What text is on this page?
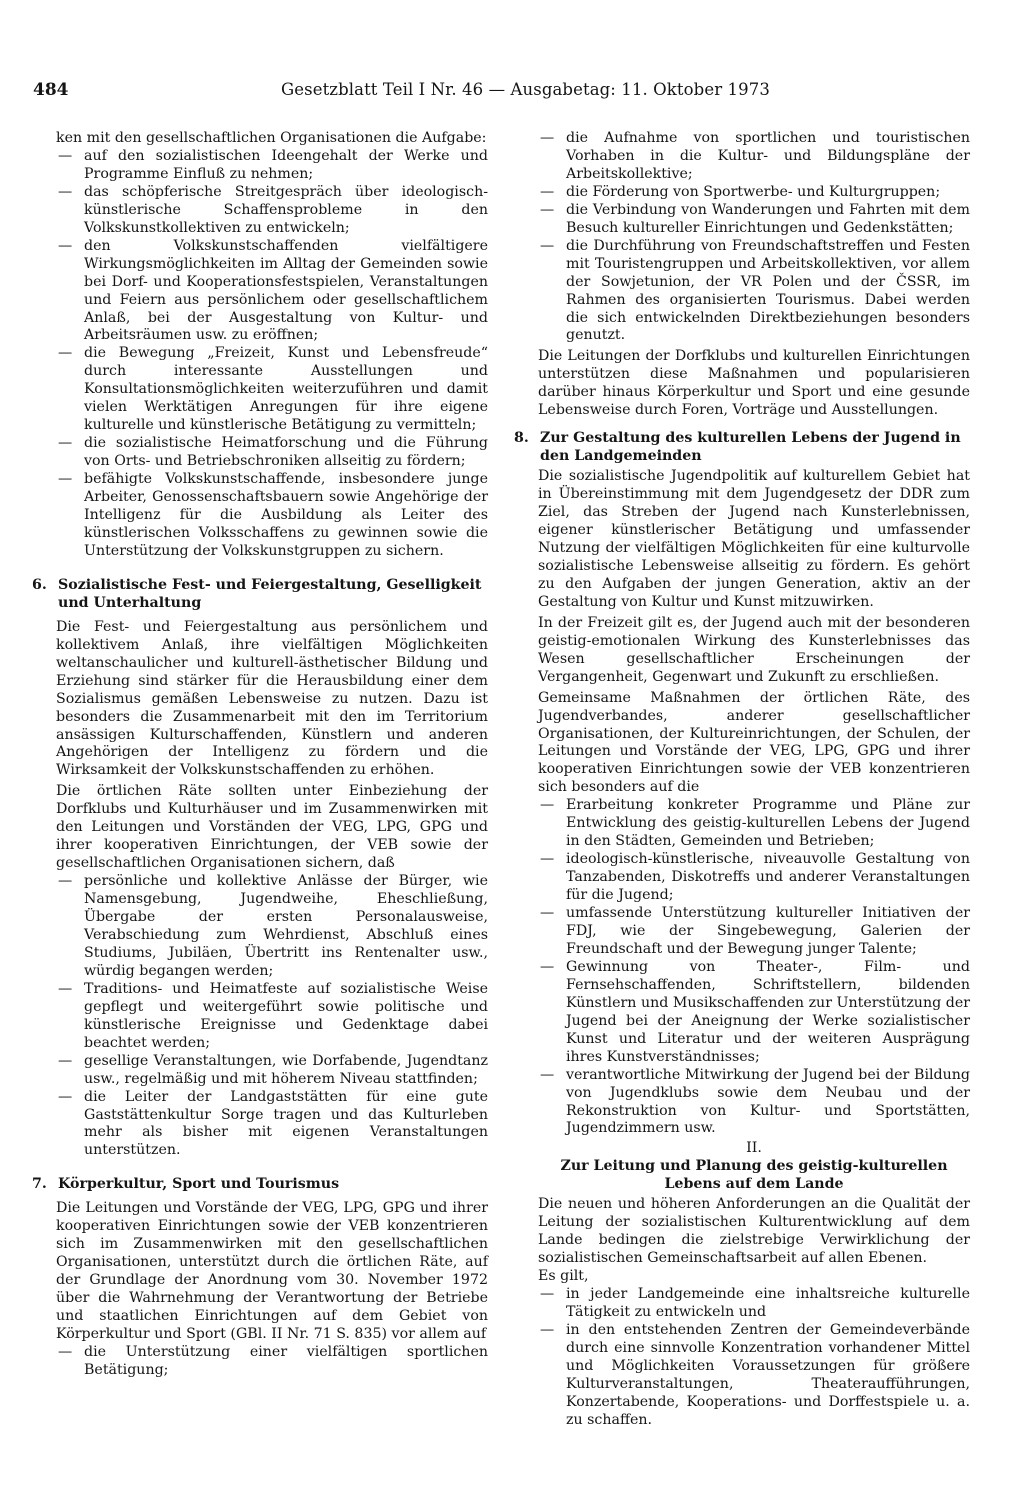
484	Gesetzblatt Teil I Nr. 46 — Ausgabetag: 11. Oktober 1973

ken mit den gesellschaftlichen Organisationen die Aufgabe:

— auf den sozialistischen Ideengehalt der Werke und Programme Einfluß zu nehmen;
— das schöpferische Streitgespräch über ideologisch-künstlerische Schaffensprobleme in den Volkskunstkollektiven zu entwickeln;
— den Volkskunstschaffenden vielfältigere Wirkungsmöglichkeiten im Alltag der Gemeinden sowie bei Dorf- und Kooperationsfestspielen, Veranstaltungen und Feiern aus persönlichem oder gesellschaftlichem Anlaß, bei der Ausgestaltung von Kultur- und Arbeitsräumen usw. zu eröffnen;
— die Bewegung „Freizeit, Kunst und Lebensfreude“ durch interessante Ausstellungen und Konsultationsmöglichkeiten weiterzuführen und damit vielen Werktätigen Anregungen für ihre eigene kulturelle und künstlerische Betätigung zu vermitteln;
— die sozialistische Heimatforschung und die Führung von Orts- und Betriebschroniken allseitig zu fördern;
— befähigte Volkskunstschaffende, insbesondere junge Arbeiter, Genossenschaftsbauern sowie Angehörige der Intelligenz für die Ausbildung als Leiter des künstlerischen Volksschaffens zu gewinnen sowie die Unterstützung der Volkskunstgruppen zu sichern.
6. Sozialistische Fest- und Feiergestaltung, Geselligkeit und Unterhaltung

Die Fest- und Feiergestaltung aus persönlichem und kollektivem Anlaß, ihre vielfältigen Möglichkeiten weltanschaulicher und kulturell-ästhetischer Bildung und Erziehung sind stärker für die Herausbildung einer dem Sozialismus gemäßen Lebensweise zu nutzen. Dazu ist besonders die Zusammenarbeit mit den im Territorium ansässigen Kulturschaffenden, Künstlern und anderen Angehörigen der Intelligenz zu fördern und die Wirksamkeit der Volkskunstschaffenden zu erhöhen.

Die örtlichen Räte sollten unter Einbeziehung der Dorfklubs und Kulturhäuser und im Zusammenwirken mit den Leitungen und Vorständen der VEG, LPG, GPG und ihrer kooperativen Einrichtungen, der VEB sowie der gesellschaftlichen Organisationen sichern, daß

— persönliche und kollektive Anlässe der Bürger, wie Namensgebung, Jugendweihe, Eheschließung, Übergabe der ersten Personalausweise, Verabschiedung zum Wehrdienst, Abschluß eines Studiums, Jubiläen, Übertritt ins Rentenalter usw., würdig begangen werden;
— Traditions- und Heimatfeste auf sozialistische Weise gepflegt und weitergeführt sowie politische und künstlerische Ereignisse und Gedenktage dabei beachtet werden;
— gesellige Veranstaltungen, wie Dorfabende, Jugendtanz usw., regelmäßig und mit höherem Niveau stattfinden;
— die Leiter der Landgaststätten für eine gute Gaststättenkultur Sorge tragen und das Kulturleben mehr als bisher mit eigenen Veranstaltungen unterstützen.
7. Körperkultur, Sport und Tourismus

Die Leitungen und Vorstände der VEG, LPG, GPG und ihrer kooperativen Einrichtungen sowie der VEB konzentrieren sich im Zusammenwirken mit den gesellschaftlichen Organisationen, unterstützt durch die örtlichen Räte, auf der Grundlage der Anordnung vom 30. November 1972 über die Wahrnehmung der Verantwortung der Betriebe und staatlichen Einrichtungen auf dem Gebiet von Körperkultur und Sport (GBl. II Nr. 71 S. 835) vor allem auf

— die Unterstützung einer vielfältigen sportlichen Betätigung;
— die Aufnahme von sportlichen und touristischen Vorhaben in die Kultur- und Bildungspläne der Arbeitskollektive;
— die Förderung von Sportwerbe- und Kulturgruppen;
— die Verbindung von Wanderungen und Fahrten mit dem Besuch kultureller Einrichtungen und Gedenkstätten;
— die Durchführung von Freundschaftstreffen und Festen mit Touristengruppen und Arbeitskollektiven, vor allem der Sowjetunion, der VR Polen und der ČSSR, im Rahmen des organisierten Tourismus. Dabei werden die sich entwickelnden Direktbeziehungen besonders genutzt.

Die Leitungen der Dorfklubs und kulturellen Einrichtungen unterstützen diese Maßnahmen und popularisieren darüber hinaus Körperkultur und Sport und eine gesunde Lebensweise durch Foren, Vorträge und Ausstellungen.

8. Zur Gestaltung des kulturellen Lebens der Jugend in den Landgemeinden

Die sozialistische Jugendpolitik auf kulturellem Gebiet hat in Übereinstimmung mit dem Jugendgesetz der DDR zum Ziel, das Streben der Jugend nach Kunsterlebnissen, eigener künstlerischer Betätigung und umfassender Nutzung der vielfältigen Möglichkeiten für eine kulturvolle sozialistische Lebensweise allseitig zu fördern. Es gehört zu den Aufgaben der jungen Generation, aktiv an der Gestaltung von Kultur und Kunst mitzuwirken.

In der Freizeit gilt es, der Jugend auch mit der besonderen geistig-emotionalen Wirkung des Kunsterlebnisses das Wesen gesellschaftlicher Erscheinungen der Vergangenheit, Gegenwart und Zukunft zu erschließen.

Gemeinsame Maßnahmen der örtlichen Räte, des Jugendverbandes, anderer gesellschaftlicher Organisationen, der Kultureinrichtungen, der Schulen, der Leitungen und Vorstände der VEG, LPG, GPG und ihrer kooperativen Einrichtungen sowie der VEB konzentrieren sich besonders auf die

— Erarbeitung konkreter Programme und Pläne zur Entwicklung des geistig-kulturellen Lebens der Jugend in den Städten, Gemeinden und Betrieben;
— ideologisch-künstlerische, niveauvolle Gestaltung von Tanzabenden, Diskotreffs und anderer Veranstaltungen für die Jugend;
— umfassende Unterstützung kultureller Initiativen der FDJ, wie der Singebewegung, Galerien der Freundschaft und der Bewegung junger Talente;
— Gewinnung von Theater-, Film- und Fernsehschaffenden, Schriftstellern, bildenden Künstlern und Musikschaffenden zur Unterstützung der Jugend bei der Aneignung der Werke sozialistischer Kunst und Literatur und der weiteren Ausprägung ihres Kunstverständnisses;
— verantwortliche Mitwirkung der Jugend bei der Bildung von Jugendklubs sowie dem Neubau und der Rekonstruktion von Kultur- und Sportstätten, Jugendzimmern usw.
II.
Zur Leitung und Planung des geistig-kulturellen Lebens auf dem Lande

Die neuen und höheren Anforderungen an die Qualität der Leitung der sozialistischen Kulturentwicklung auf dem Lande bedingen die zielstrebige Verwirklichung der sozialistischen Gemeinschaftsarbeit auf allen Ebenen.

Es gilt,

— in jeder Landgemeinde eine inhaltsreiche kulturelle Tätigkeit zu entwickeln und
— in den entstehenden Zentren der Gemeindeverbände durch eine sinnvolle Konzentration vorhandener Mittel und Möglichkeiten Voraussetzungen für größere Kulturveranstaltungen, Theateraufführungen, Konzertabende, Kooperations- und Dorffestspiele u. a. zu schaffen.
